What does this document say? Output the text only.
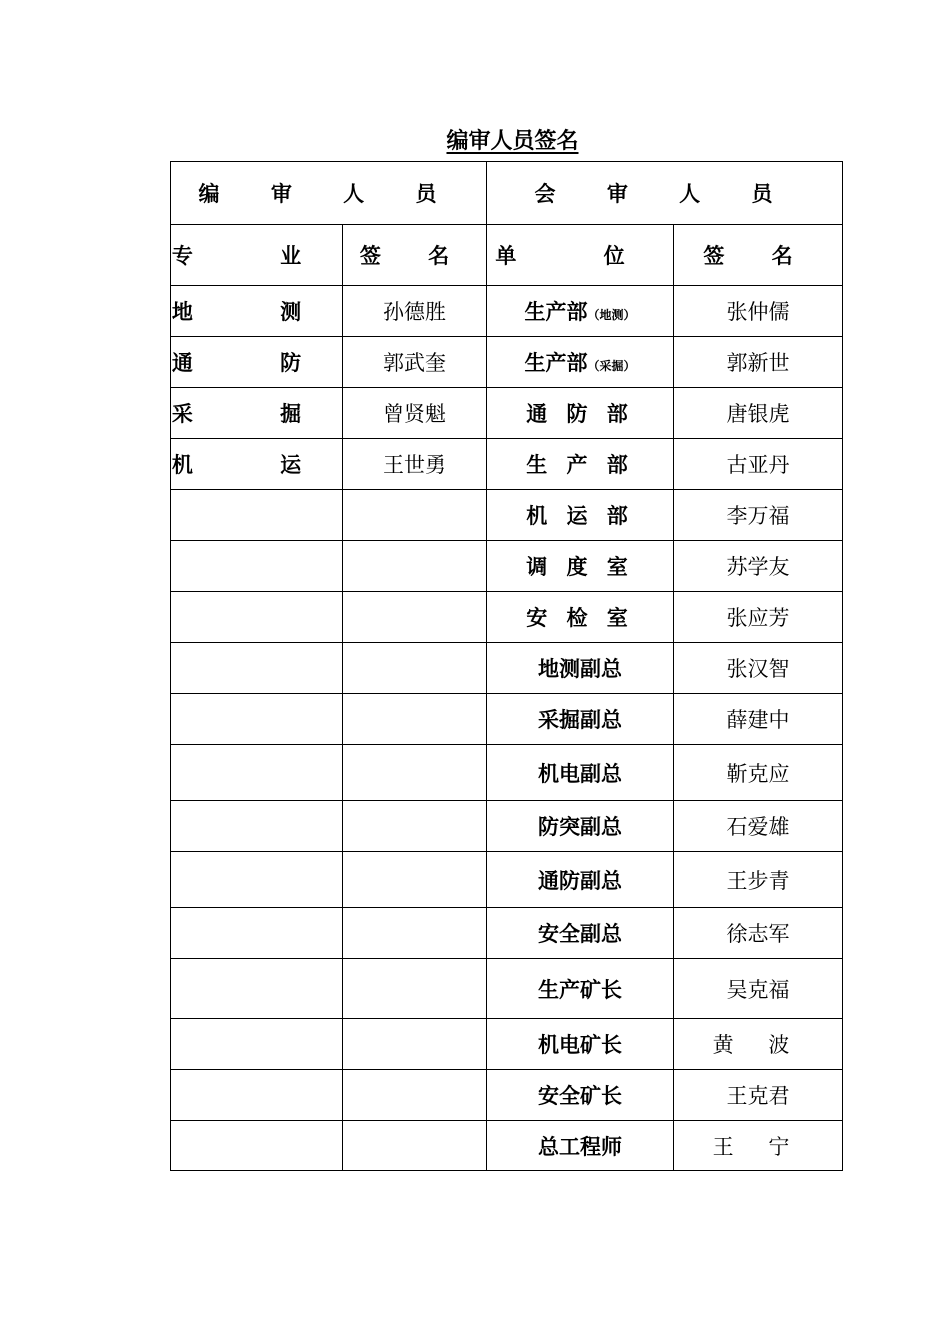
编审人员签名
编 审 人 员		会 审 人 员	
专 业	签 名	单 位	签 名
地 测	孙德胜	生产部（地测）	张仲儒
通 防	郭武奎	生产部（采掘）	郭新世
采 掘	曾贤魁	通 防 部	唐银虎
机 运	王世勇	生 产 部	古亚丹
		机 运 部	李万福
		调 度 室	苏学友
		安 检 室	张应芳
		地测副总	张汉智
		采掘副总	薛建中
		机电副总	靳克应
		防突副总	石爱雄
		通防副总	王步青
		安全副总	徐志军
		生产矿长	吴克福
		机电矿长	黄 波
		安全矿长	王克君
		总工程师	王 宁
